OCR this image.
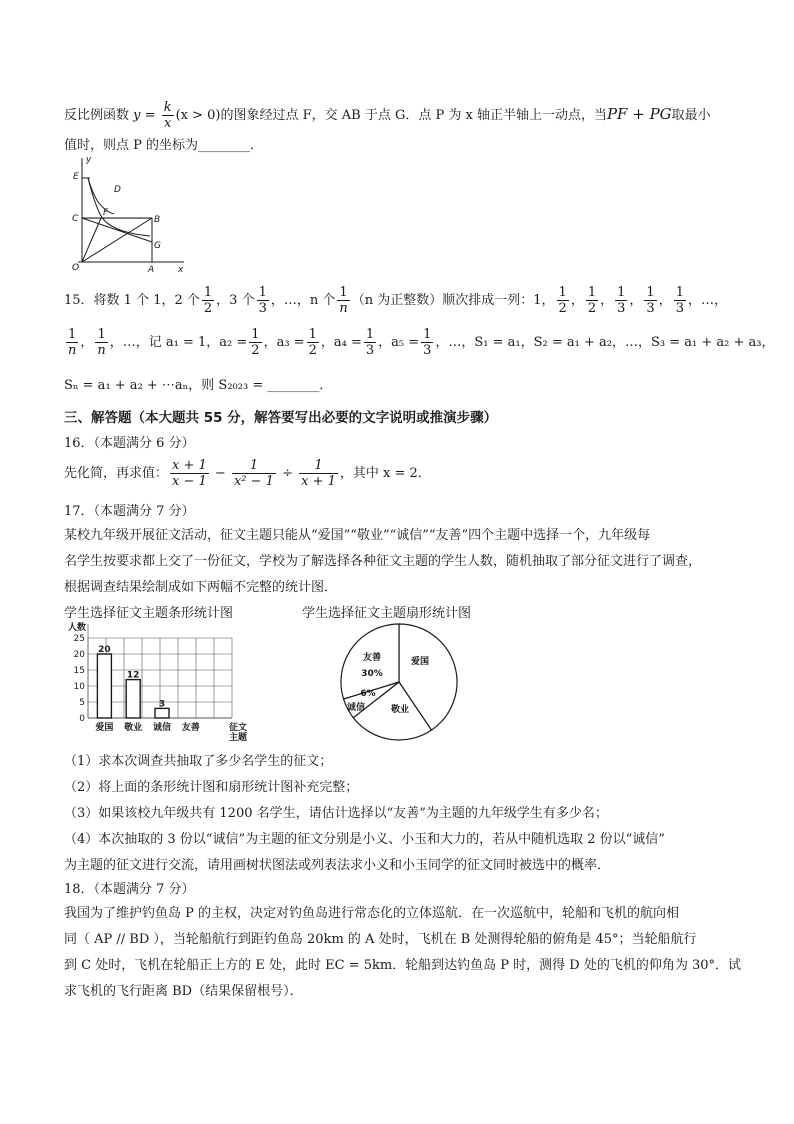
反比例函数 $y = \frac{k}{x} (x > 0)$的图象经过点 F，交 AB 于点 G．点 P 为 x 轴正半轴上一动点，当PF + PG取最小
值时，则点 P 的坐标为________．
y
x
E
D
C
F
B
G
O	A
15．将数 1 个 1，2 个 $\frac{1}{2}$ ，3 个 $\frac{1}{3}$ ，…，n 个 $\frac{1}{n} (n$ 为正整数）顺次排成一列：1， $\frac{1}{2}$ ， $\frac{1}{2}$ ， $\frac{1}{3}$ ， $\frac{1}{3}$ ， $\frac{1}{3}$ ，…，
$\frac{1}{n}$ ， $\frac{1}{n}$ ，…，记 a₁ = 1，$a_2 = \frac{1}{2}$ ，$a_3 = \frac{1}{2}$ ，$a_4 = \frac{1}{3}$ ，$a_5 = \frac{1}{3}$ ，…，S₁ = a₁，S₂ = a₁ + a₂，…，S₃ = a₁ + a₂ + a₃，
Sₙ = a₁ + a₂ + ⋯aₙ，则 S₂₀₂₃ = ________．
三、解答题（本大题共 55 分，解答要写出必要的文字说明或推演步骤）
16．（本题满分 6 分）
先化简，再求值： $\frac{x + 1}{x - 1} - \frac{1}{\text{x² − 1}} \div \frac{1}{x + 1}$ ，其中 x = 2．
17．（本题满分 7 分）
某校九年级开展征文活动，征文主题只能从“爱国”“敬业”“诚信”“友善”四个主题中选择一个，九年级每
名学生按要求都上交了一份征文，学校为了解选择各种征文主题的学生人数，随机抽取了部分征文进行了调查，
根据调查结果绘制成如下两幅不完整的统计图．
学生选择征文主题条形统计图	学生选择征文主题扇形统计图
0
5
10
15
20
25
人数
20
爱国
12
敬业
3
诚信 友善	征文
主题
爱国
敬业
诚信
6%
友善
30%
（1）求本次调查共抽取了多少名学生的征文；
（2）将上面的条形统计图和扇形统计图补充完整；
（3）如果该校九年级共有 1200 名学生，请估计选择以“友善”为主题的九年级学生有多少名；
（4）本次抽取的 3 份以“诚信”为主题的征文分别是小义、小玉和大力的，若从中随机选取 2 份以“诚信”
为主题的征文进行交流，请用画树状图法或列表法求小义和小玉同学的征文同时被选中的概率．
18．（本题满分 7 分）
我国为了维护钓鱼岛 P 的主权，决定对钓鱼岛进行常态化的立体巡航．在一次巡航中，轮船和飞机的航向相
同（ AP // BD ），当轮船航行到距钓鱼岛 20km 的 A 处时，飞机在 B 处测得轮船的俯角是 45°；当轮船航行
到 C 处时，飞机在轮船正上方的 E 处，此时 EC = 5km．轮船到达钓鱼岛 P 时，测得 D 处的飞机的仰角为 30°．试
求飞机的飞行距离 BD（结果保留根号）．
